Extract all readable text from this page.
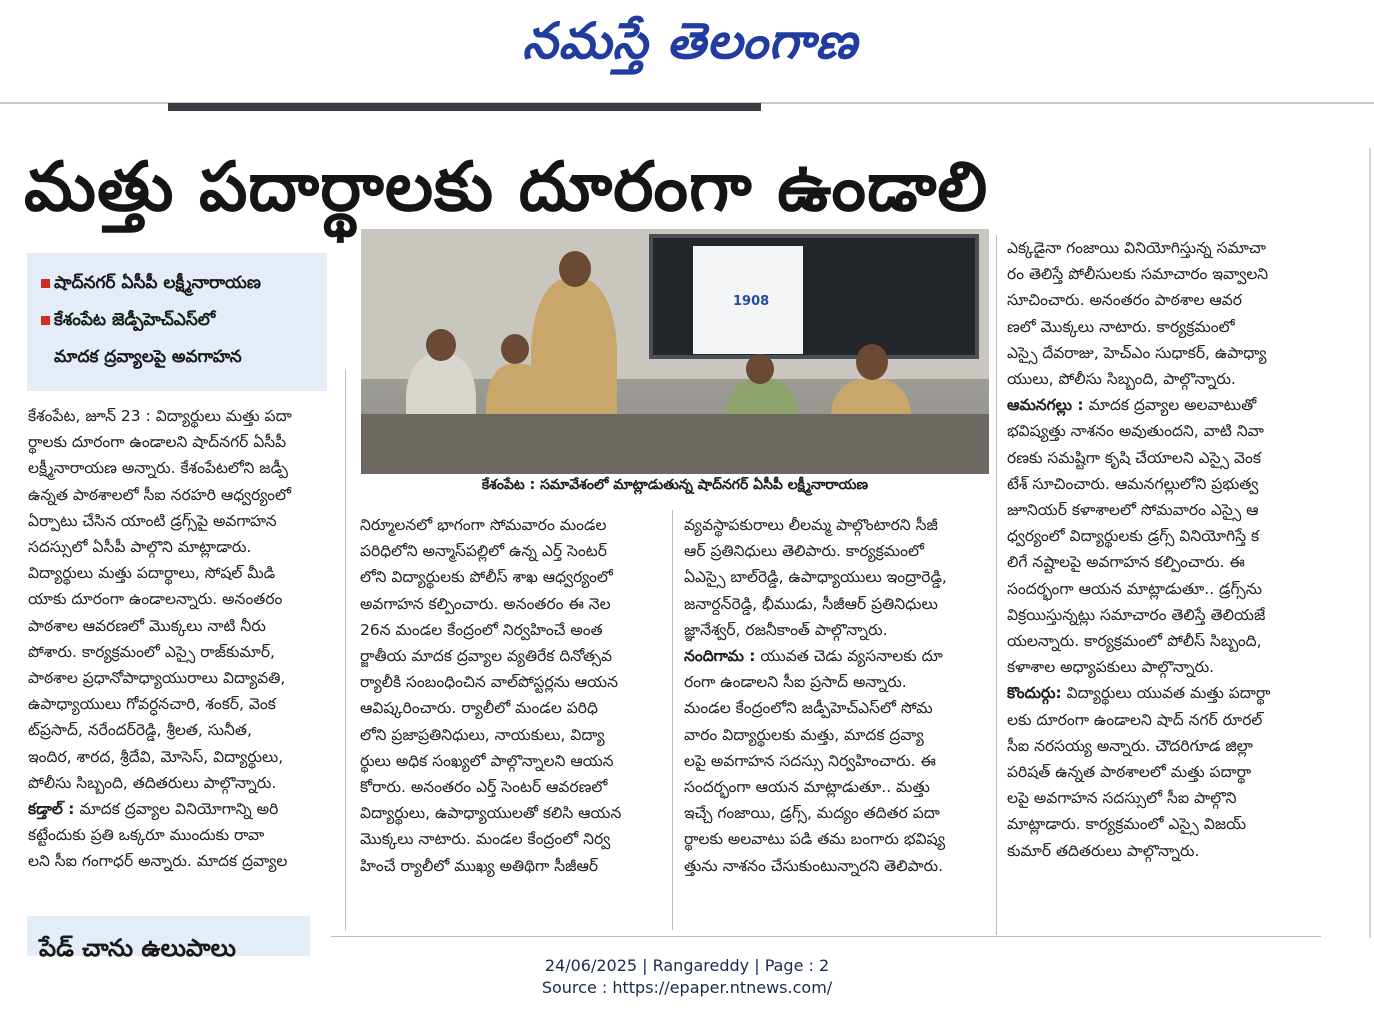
నమస్తే తెలంగాణ
మత్తు పదార్థాలకు దూరంగా ఉండాలి
షాద్‌నగర్ ఏసీపీ లక్ష్మీనారాయణ
కేశంపేట జెడ్పీహెచ్ఎస్‌లో
మాదక ద్రవ్యాలపై అవగాహన
1908
కేశంపేట : సమావేశంలో మాట్లాడుతున్న షాద్‌నగర్ ఏసీపీ లక్ష్మీనారాయణ

కేశంపేట, జూన్ 23 : విద్యార్థులు మత్తు పదా

ర్థాలకు దూరంగా ఉండాలని షాద్‌నగర్ ఏసీపీ

లక్ష్మీనారాయణ అన్నారు. కేశంపేటలోని జడ్పీ

ఉన్నత పాఠశాలలో సీఐ నరహరి ఆధ్వర్యంలో

ఏర్పాటు చేసిన యాంటి డ్రగ్స్‌పై అవగాహన

సదస్సులో ఏసీపీ పాల్గొని మాట్లాడారు.

విద్యార్థులు మత్తు పదార్థాలు, సోషల్ మీడి

యాకు దూరంగా ఉండాలన్నారు. అనంతరం

పాఠశాల ఆవరణలో మొక్కలు నాటి నీరు

పోశారు. కార్యక్రమంలో ఎస్సై రాజ్‌కుమార్,

పాఠశాల ప్రధానోపాధ్యాయురాలు విద్యావతి,

ఉపాధ్యాయులు గోవర్ధనచారి, శంకర్, వెంక

ట్‌ప్రసాద్, నరేందర్‌రెడ్డి, శ్రీలత, సునీత,

ఇందిర, శారద, శ్రీదేవి, మోసెస్, విద్యార్థులు,

పోలీసు సిబ్బంది, తదితరులు పాల్గొన్నారు.

కడ్తాల్ : మాదక ద్రవ్యాల వినియోగాన్ని అరి

కట్టేందుకు ప్రతి ఒక్కరూ ముందుకు రావా

లని సీఐ గంగాధర్ అన్నారు. మాదక ద్రవ్యాల

నిర్మూలనలో భాగంగా సోమవారం మండల

పరిధిలోని అన్మాస్‌పల్లిలో ఉన్న ఎర్త్ సెంటర్

లోని విద్యార్థులకు పోలీస్ శాఖ ఆధ్వర్యంలో

అవగాహన కల్పించారు. అనంతరం ఈ నెల

26న మండల కేంద్రంలో నిర్వహించే అంత

ర్జాతీయ మాదక ద్రవ్యాల వ్యతిరేక దినోత్సవ

ర్యాలీకి సంబంధించిన వాల్‌పోస్టర్లను ఆయన

ఆవిష్కరించారు. ర్యాలీలో మండల పరిధి

లోని ప్రజాప్రతినిధులు, నాయకులు, విద్యా

ర్థులు అధిక సంఖ్యలో పాల్గొన్నాలని ఆయన

కోరారు. అనంతరం ఎర్త్ సెంటర్ ఆవరణలో

విద్యార్థులు, ఉపాధ్యాయులతో కలిసి ఆయన

మొక్కలు నాటారు. మండల కేంద్రంలో నిర్వ

హించే ర్యాలీలో ముఖ్య అతిథిగా సీజీఆర్

వ్యవస్థాపకురాలు లీలమ్మ పాల్గొంటారని సీజీ

ఆర్ ప్రతినిధులు తెలిపారు. కార్యక్రమంలో

ఏఎస్సై బాల్‌రెడ్డి, ఉపాధ్యాయులు ఇంద్రారెడ్డి,

జనార్దన్‌రెడ్డి, భీముడు, సీజీఆర్ ప్రతినిధులు

జ్ఞానేశ్వర్, రజనీకాంత్ పాల్గొన్నారు.

నందిగామ : యువత చెడు వ్యసనాలకు దూ

రంగా ఉండాలని సీఐ ప్రసాద్ అన్నారు.

మండల కేంద్రంలోని జడ్పీహెచ్ఎస్‌లో సోమ

వారం విద్యార్థులకు మత్తు, మాదక ద్రవ్యా

లపై అవగాహన సదస్సు నిర్వహించారు. ఈ

సందర్భంగా ఆయన మాట్లాడుతూ.. మత్తు

ఇచ్చే గంజాయి, డ్రగ్స్, మద్యం తదితర పదా

ర్థాలకు అలవాటు పడి తమ బంగారు భవిష్య

త్తును నాశనం చేసుకుంటున్నారని తెలిపారు.

ఎక్కడైనా గంజాయి వినియోగిస్తున్న సమాచా

రం తెలిస్తే పోలీసులకు సమాచారం ఇవ్వాలని

సూచించారు. అనంతరం పాఠశాల ఆవర

ణలో మొక్కలు నాటారు. కార్యక్రమంలో

ఎస్సై దేవరాజు, హెచ్ఎం సుధాకర్, ఉపాధ్యా

యులు, పోలీసు సిబ్బంది, పాల్గొన్నారు.

ఆమనగల్లు : మాదక ద్రవ్యాల అలవాటుతో

భవిష్యత్తు నాశనం అవుతుందని, వాటి నివా

రణకు సమష్టిగా కృషి చేయాలని ఎస్సై వెంక

టేశ్ సూచించారు. ఆమనగల్లులోని ప్రభుత్వ

జూనియర్ కళాశాలలో సోమవారం ఎస్సై ఆ

ధ్వర్యంలో విద్యార్థులకు డ్రగ్స్ వినియోగిస్తే క

లిగే నష్టాలపై అవగాహన కల్పించారు. ఈ

సందర్భంగా ఆయన మాట్లాడుతూ.. డ్రగ్స్‌ను

విక్రయిస్తున్నట్లు సమాచారం తెలిస్తే తెలియజే

యలన్నారు. కార్యక్రమంలో పోలీస్ సిబ్బంది,

కళాశాల అధ్యాపకులు పాల్గొన్నారు.

కొందుర్గు: విద్యార్థులు యువత మత్తు పదార్థా

లకు దూరంగా ఉండాలని షాద్ నగర్ రూరల్

సీఐ నరసయ్య అన్నారు. చౌదరిగూడ జిల్లా

పరిషత్ ఉన్నత పాఠశాలలో మత్తు పదార్థా

లపై అవగాహన సదస్సులో సీఐ పాల్గొని

మాట్లాడారు. కార్యక్రమంలో ఎస్సై విజయ్

కుమార్ తదితరులు పాల్గొన్నారు.

పేడ్ చాను ఉలుపాలు
24/06/2025 | Rangareddy | Page : 2
Source : https://epaper.ntnews.com/
